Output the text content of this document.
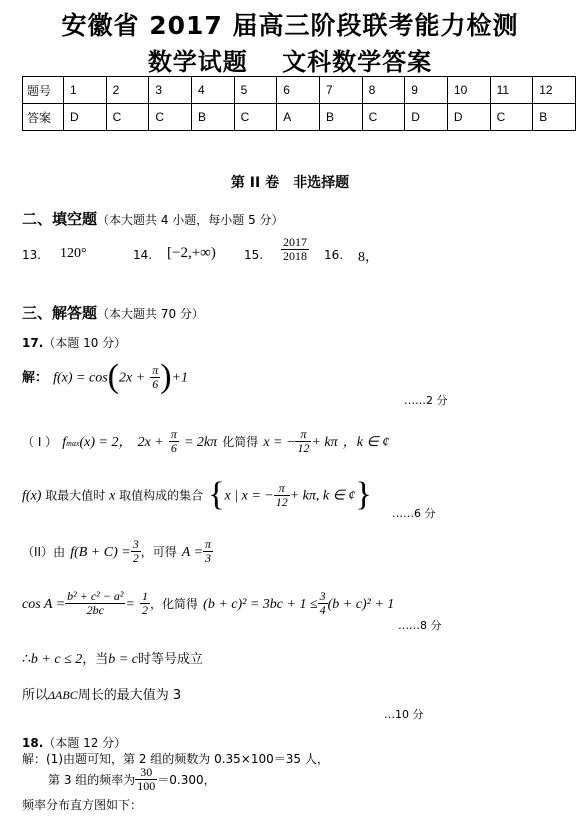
安徽省 2017 届高三阶段联考能力检测
数学试题　 文科数学答案
题号	1	2	3	4	5	6	7	8	9	10	11	12
答案	D	C	C	B	C	A	B	C	D	D	C	B
第 II 卷　非选择题
二、填空题（本大题共 4 小题，每小题 5 分）
13. 120°	14. [−2,+∞) 15. $\frac{2017}{2018} 16$. 8，
三、解答题（本大题共 70 分）
17.（本题 10 分）
解： $f(x) = \cos(2x + \frac{\pi}{6} )+1$
……2 分
（ I ） fmax(x) = 2， $2x + \frac{\pi}{6} = 2k\pi$ 化简得 x = − $\frac{\pi}{12} + k\pi$ ，k ∈ ¢
f(x) 取最大值时 x 取值构成的集合 {x | x = − $\frac{\pi}{12} + k\pi$, k ∈ ¢}
……6 分
（II）由 $f(B + C) = \frac{3}{2}$ ，可得 $A = \frac{\pi}{3}$
$\cos A = \frac{\text{b² + c² − a²}}{2bc} = \frac{1}{2}$ ，化简得 $(b + c)^2 = 3bc + 1 \le \frac{3}{4} (b + c)^2 + 1$
……8 分
∴b + c ≤ 2，当b = c时等号成立
所以ΔABC周长的最大值为 3
…10 分
18.（本题 12 分）
解：(1)由题可知，第 2 组的频数为 0.35×100＝35 人，
第 3 组的频率为 $\frac{30}{100} =0.300$，
频率分布直方图如下：
